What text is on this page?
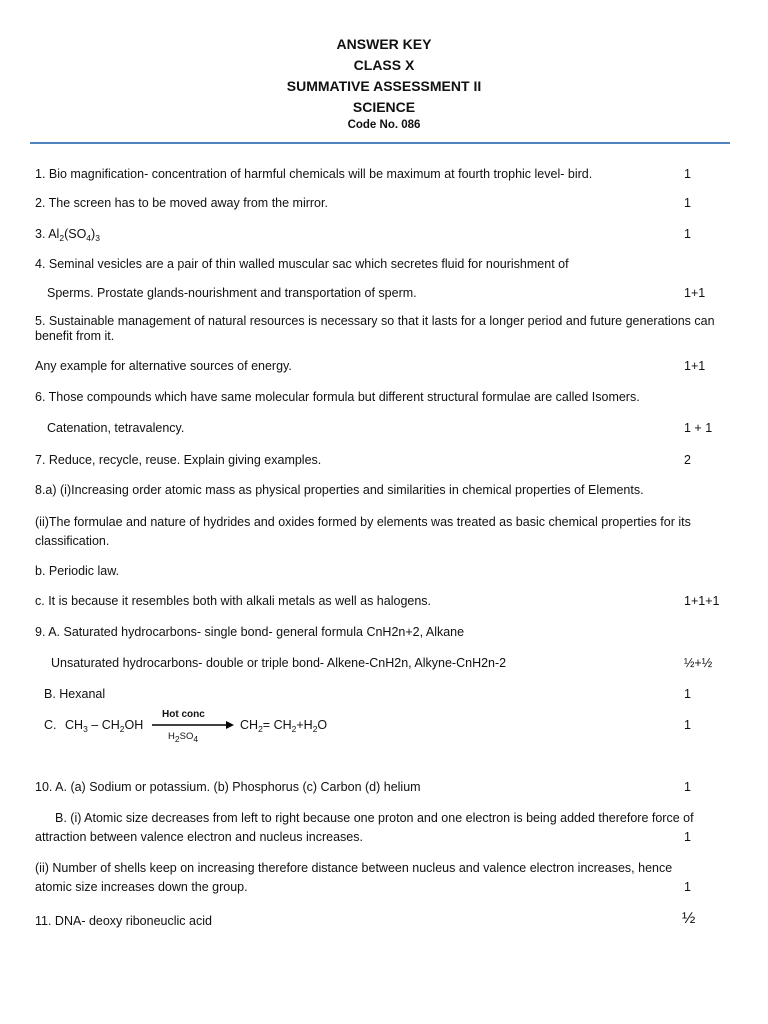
ANSWER KEY
CLASS X
SUMMATIVE ASSESSMENT II
SCIENCE
Code No. 086
1. Bio magnification- concentration of harmful chemicals will be maximum at fourth trophic level- bird.	1
2. The screen has to be moved away from the mirror.	1
3. $Al_2(SO_4)_3$	1
4. Seminal vesicles are a pair of thin walled muscular sac which secretes fluid for nourishment of
Sperms. Prostate glands-nourishment and transportation of sperm.	1+1
5. Sustainable management of natural resources is necessary so that it lasts for a longer period and future generations can benefit from it.
Any example for alternative sources of energy.	1+1
6. Those compounds which have same molecular formula but different structural formulae are called Isomers.
Catenation, tetravalency.	1 + 1
7. Reduce, recycle, reuse. Explain giving examples.	2
8.a) (i)Increasing order atomic mass as physical properties and similarities in chemical properties of Elements.
(ii)The formulae and nature of hydrides and oxides formed by elements was treated as basic chemical properties for its classification.
b. Periodic law.
c. It is because it resembles both with alkali metals as well as halogens.	1+1+1
9. A. Saturated hydrocarbons- single bond- general formula CnH2n+2, Alkane
Unsaturated hydrocarbons- double or triple bond- Alkene-CnH2n, Alkyne-CnH2n-2	½+½
B. Hexanal	1
C. $CH_3 - CH_2OH$
Hot conc
$H_2SO_4$
$CH_2= CH_2+H_2O$	1
10. A. (a) Sodium or potassium. (b) Phosphorus (c) Carbon (d) helium	1
B. (i) Atomic size decreases from left to right because one proton and one electron is being added therefore force of
attraction between valence electron and nucleus increases.	1
(ii) Number of shells keep on increasing therefore distance between nucleus and valence electron increases, hence
atomic size increases down the group.	1
11. DNA- deoxy riboneuclic acid	½
